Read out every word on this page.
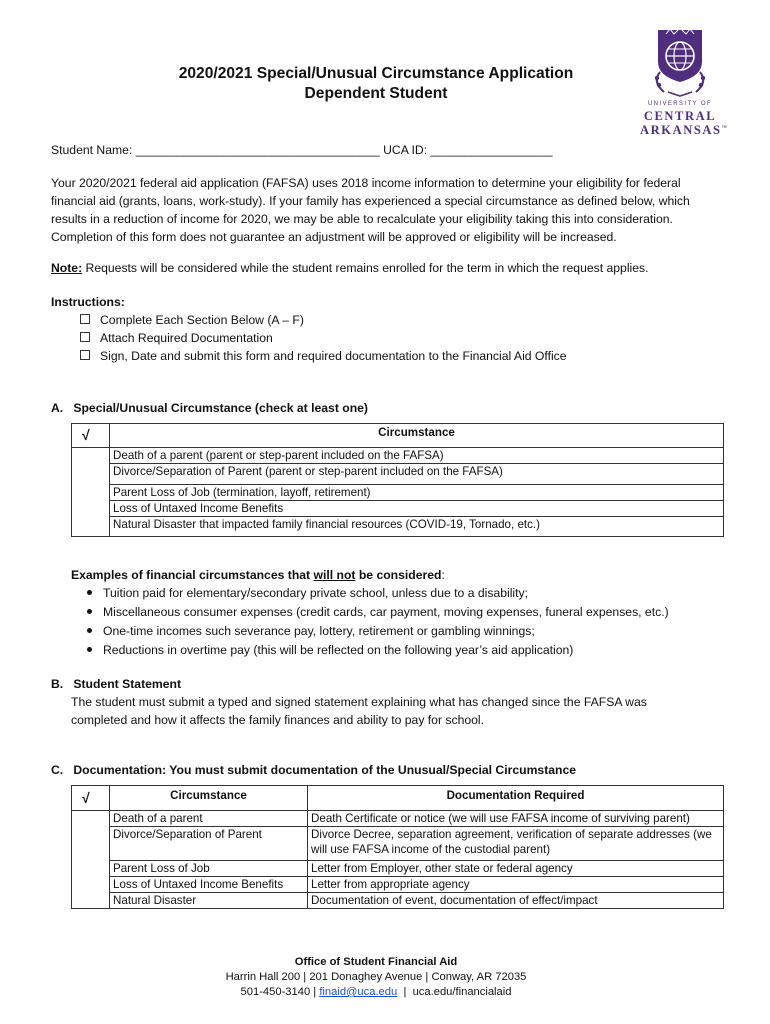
2020/2021 Special/Unusual Circumstance Application
Dependent Student
UNIVERSITY OF
CENTRAL
ARKANSAS™
Student Name: ____________________________________ UCA ID: __________________
Your 2020/2021 federal aid application (FAFSA) uses 2018 income information to determine your eligibility for federal financial aid (grants, loans, work-study). If your family has experienced a special circumstance as defined below, which results in a reduction of income for 2020, we may be able to recalculate your eligibility taking this into consideration. Completion of this form does not guarantee an adjustment will be approved or eligibility will be increased.
Note: Requests will be considered while the student remains enrolled for the term in which the request applies.
Instructions:
Complete Each Section Below (A – F)
Attach Required Documentation
Sign, Date and submit this form and required documentation to the Financial Aid Office
A. Special/Unusual Circumstance (check at least one)
√	Circumstance
	Death of a parent (parent or step-parent included on the FAFSA)
	Divorce/Separation of Parent (parent or step-parent included on the FAFSA)
	Parent Loss of Job (termination, layoff, retirement)
	Loss of Untaxed Income Benefits
	Natural Disaster that impacted family financial resources (COVID-19, Tornado, etc.)
Examples of financial circumstances that will not be considered:
Tuition paid for elementary/secondary private school, unless due to a disability;
Miscellaneous consumer expenses (credit cards, car payment, moving expenses, funeral expenses, etc.)
One-time incomes such severance pay, lottery, retirement or gambling winnings;
Reductions in overtime pay (this will be reflected on the following year’s aid application)
B. Student Statement
The student must submit a typed and signed statement explaining what has changed since the FAFSA was completed and how it affects the family finances and ability to pay for school.
C. Documentation: You must submit documentation of the Unusual/Special Circumstance
√	Circumstance	Documentation Required
	Death of a parent	Death Certificate or notice (we will use FAFSA income of surviving parent)
	Divorce/Separation of Parent	Divorce Decree, separation agreement, verification of separate addresses (we will use FAFSA income of the custodial parent)
	Parent Loss of Job	Letter from Employer, other state or federal agency
	Loss of Untaxed Income Benefits	Letter from appropriate agency
	Natural Disaster	Documentation of event, documentation of effect/impact
Office of Student Financial Aid
Harrin Hall 200 | 201 Donaghey Avenue | Conway, AR 72035
501-450-3140 | finaid@uca.edu  |  uca.edu/financialaid
